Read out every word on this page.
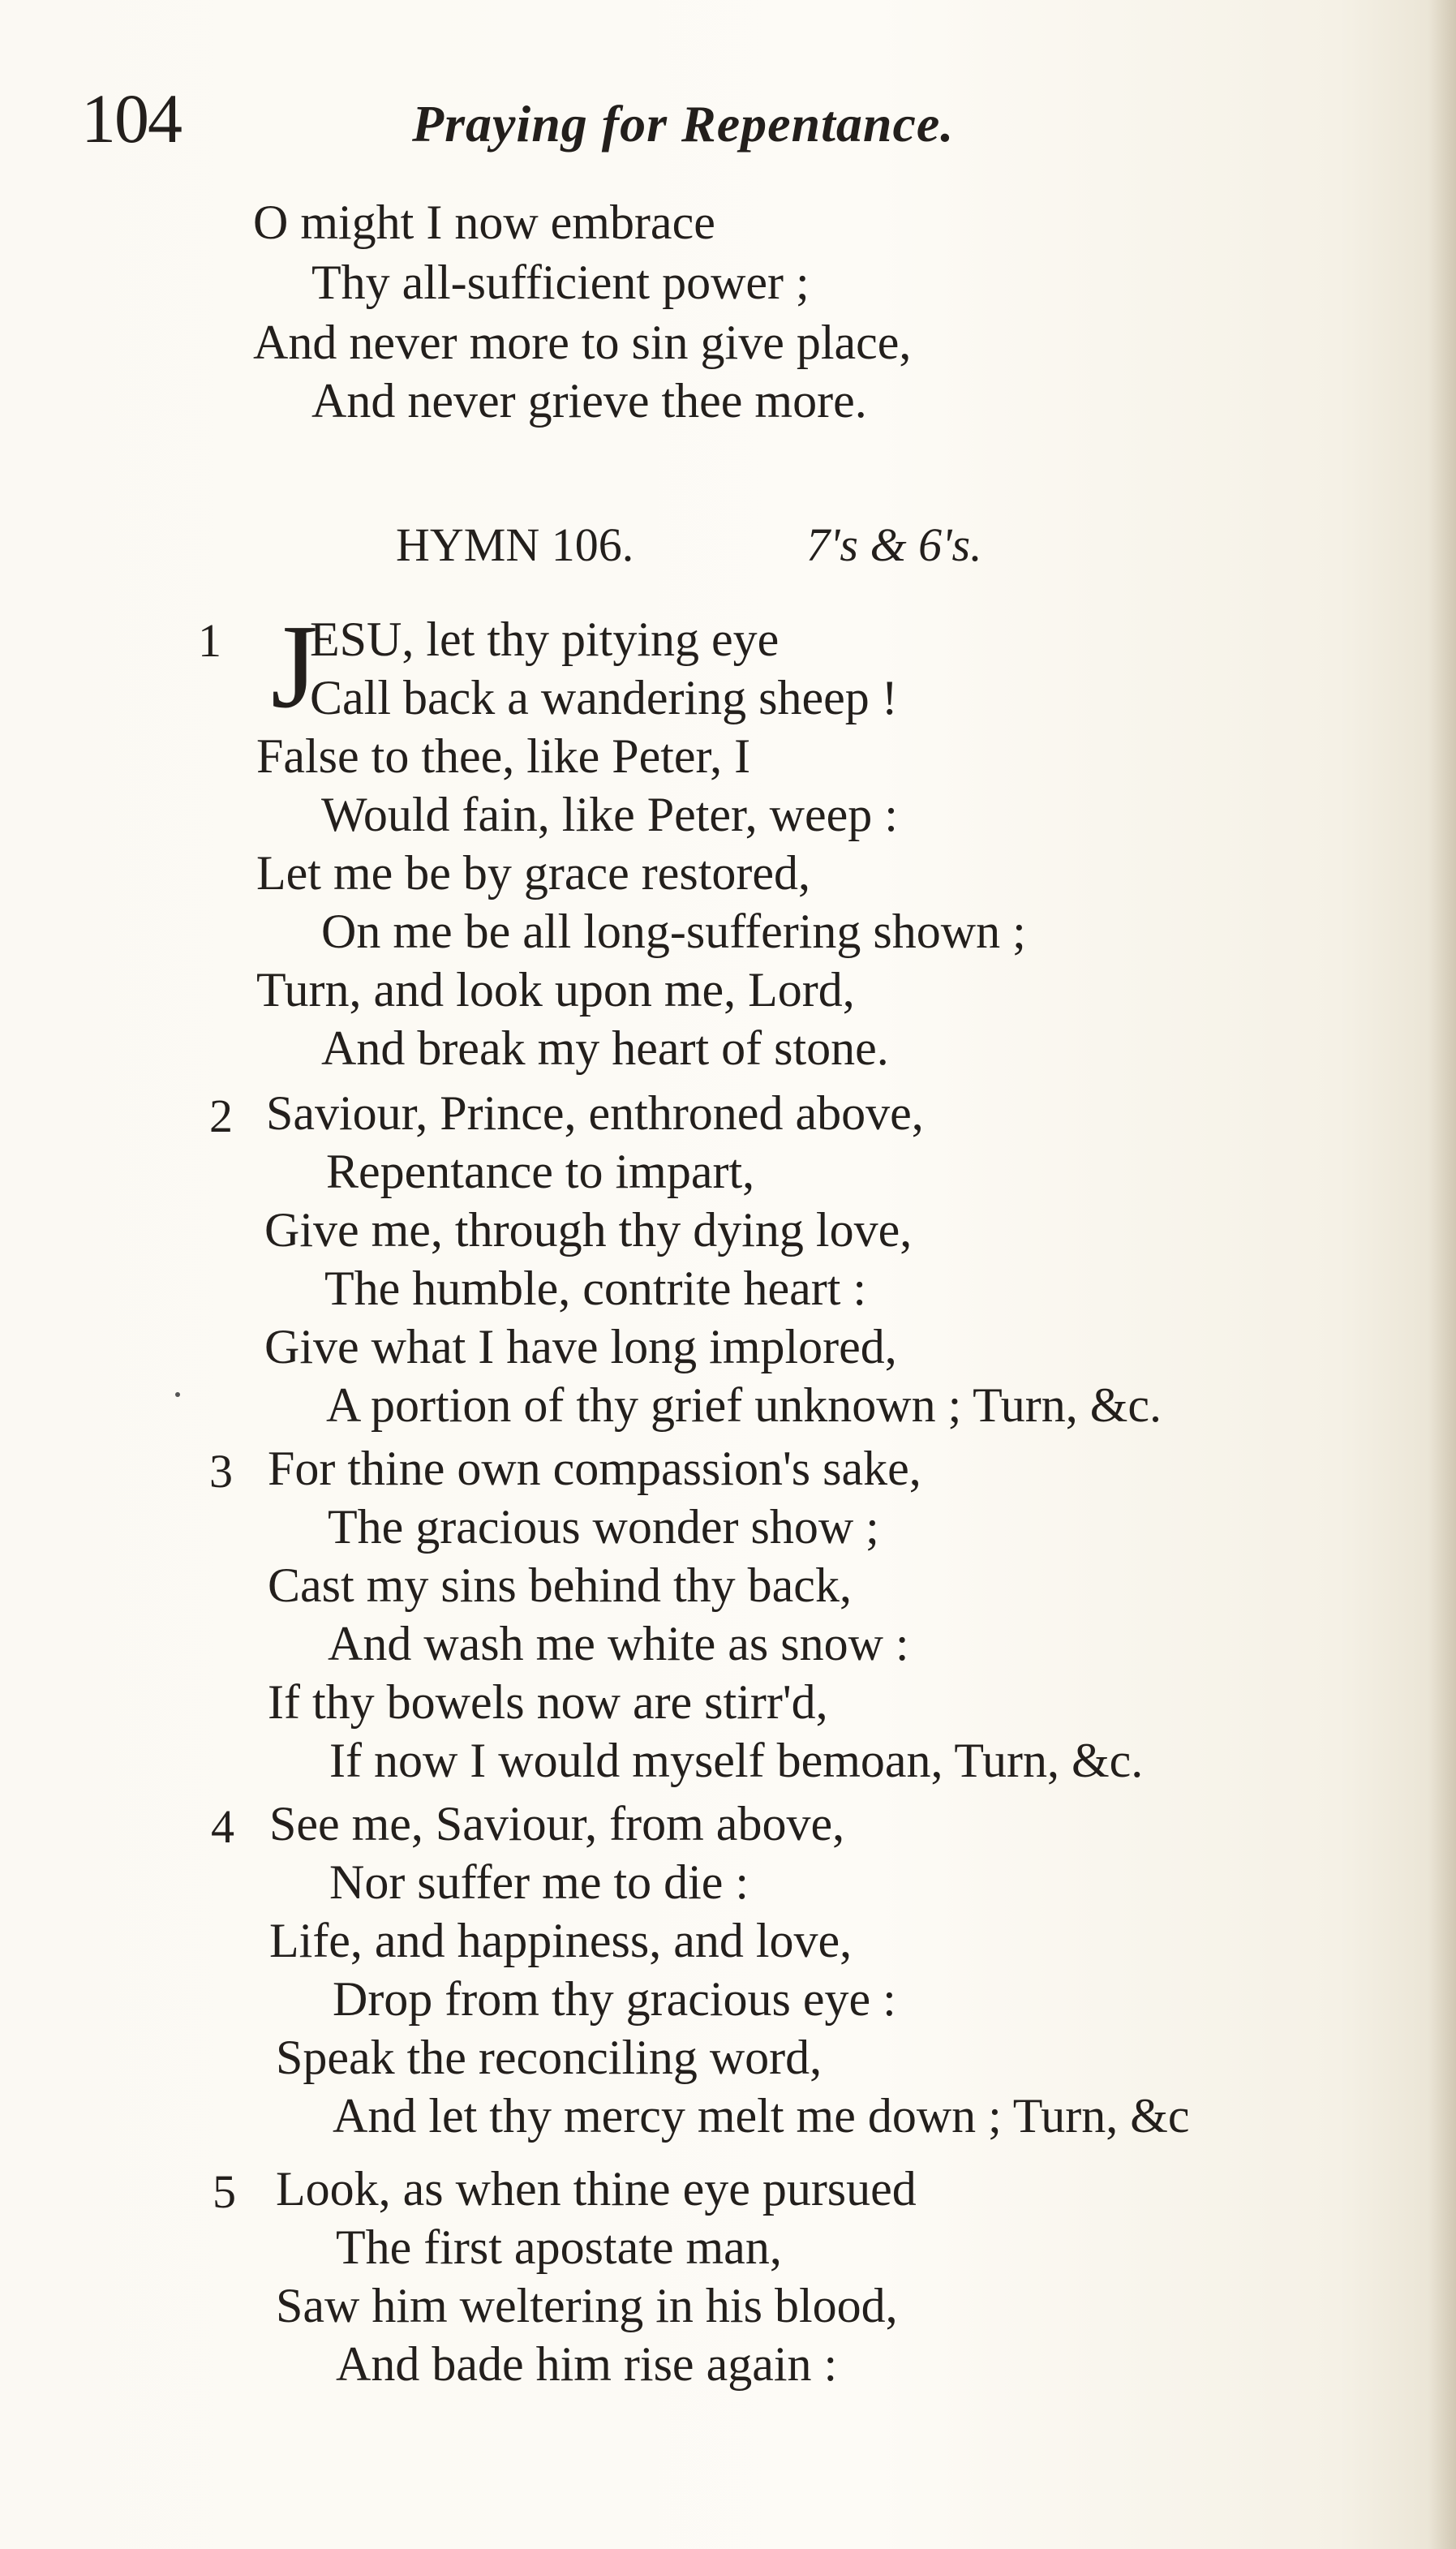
104	Praying for Repentance.
O might I now embrace
Thy all-sufficient power ;
And never more to sin give place,
And never grieve thee more.
HYMN 106.	7's & 6's.
1 J
ESU, let thy pitying eye
Call back a wandering sheep !
False to thee, like Peter, I
Would fain, like Peter, weep :
Let me be by grace restored,
On me be all long-suffering shown ;
Turn, and look upon me, Lord,
And break my heart of stone.
2 Saviour, Prince, enthroned above,
Repentance to impart,
Give me, through thy dying love,
The humble, contrite heart :
Give what I have long implored,
A portion of thy grief unknown ; Turn, &c.
3 For thine own compassion's sake,
The gracious wonder show ;
Cast my sins behind thy back,
And wash me white as snow :
If thy bowels now are stirr'd,
If now I would myself bemoan, Turn, &c.
4 See me, Saviour, from above,
Nor suffer me to die :
Life, and happiness, and love,
Drop from thy gracious eye :
Speak the reconciling word,
And let thy mercy melt me down ; Turn, &c
5 Look, as when thine eye pursued
The first apostate man,
Saw him weltering in his blood,
And bade him rise again :
